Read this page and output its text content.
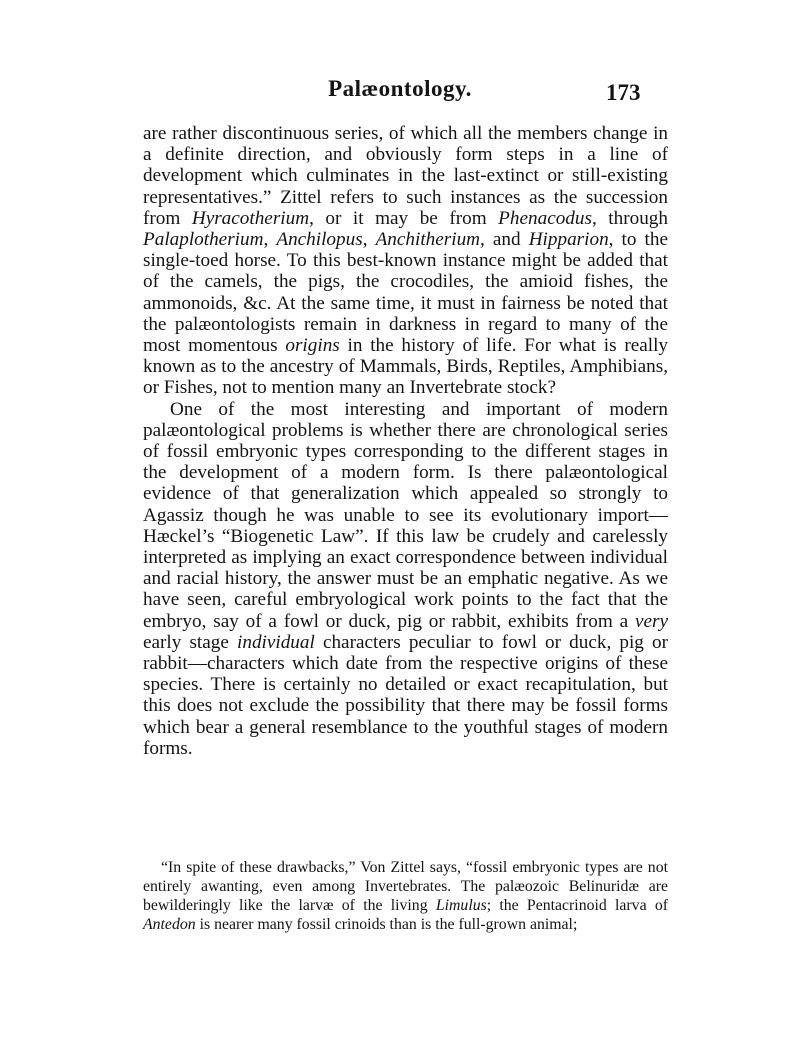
Palæontology.	173

are rather discontinuous series, of which all the members change in a definite direction, and obviously form steps in a line of development which culminates in the last-extinct or still-existing representatives.” Zittel refers to such instances as the succession from Hyracotherium, or it may be from Phenacodus, through Palaplotherium, Anchilopus, Anchitherium, and Hipparion, to the single-toed horse. To this best-known instance might be added that of the camels, the pigs, the crocodiles, the amioid fishes, the ammonoids, &c. At the same time, it must in fairness be noted that the palæontologists remain in darkness in regard to many of the most momentous origins in the history of life. For what is really known as to the ancestry of Mammals, Birds, Reptiles, Amphibians, or Fishes, not to mention many an Invertebrate stock?

One of the most interesting and important of modern palæontological problems is whether there are chronological series of fossil embryonic types corresponding to the different stages in the development of a modern form. Is there palæontological evidence of that generalization which appealed so strongly to Agassiz though he was unable to see its evolutionary import—Hæckel’s “Biogenetic Law”. If this law be crudely and carelessly interpreted as implying an exact correspondence between individual and racial history, the answer must be an emphatic negative. As we have seen, careful embryological work points to the fact that the embryo, say of a fowl or duck, pig or rabbit, exhibits from a very early stage individual characters peculiar to fowl or duck, pig or rabbit—characters which date from the respective origins of these species. There is certainly no detailed or exact recapitulation, but this does not exclude the possibility that there may be fossil forms which bear a general resemblance to the youthful stages of modern forms.

“In spite of these drawbacks,” Von Zittel says, “fossil embryonic types are not entirely awanting, even among Invertebrates. The palæozoic Belinuridæ are bewilderingly like the larvæ of the living Limulus; the Pentacrinoid larva of Antedon is nearer many fossil crinoids than is the full-grown animal;
